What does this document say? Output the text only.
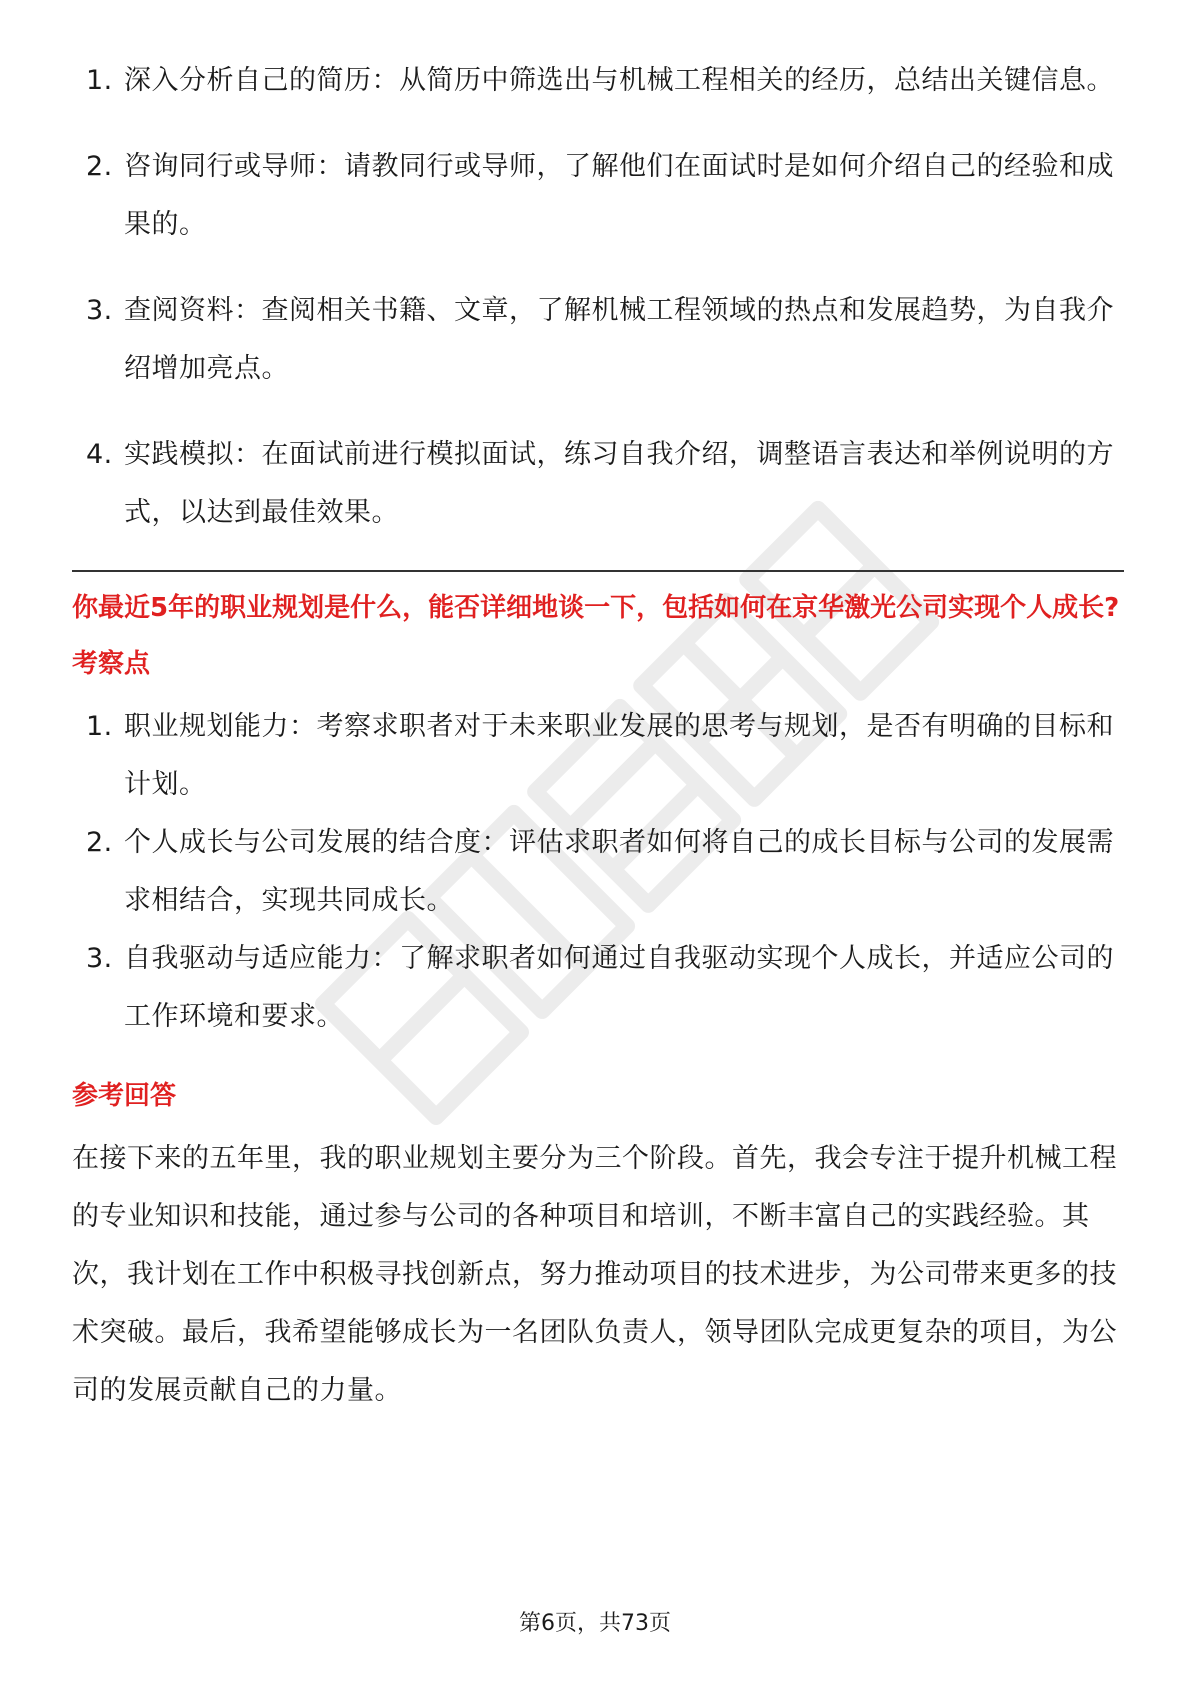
1. 深入分析自己的简历：从简历中筛选出与机械工程相关的经历，总结出关键信息。
2. 咨询同行或导师：请教同行或导师，了解他们在面试时是如何介绍自己的经验和成果的。
3. 查阅资料：查阅相关书籍、文章，了解机械工程领域的热点和发展趋势，为自我介绍增加亮点。
4. 实践模拟：在面试前进行模拟面试，练习自我介绍，调整语言表达和举例说明的方式，以达到最佳效果。
你最近5年的职业规划是什么，能否详细地谈一下，包括如何在京华激光公司实现个人成长?
考察点
1. 职业规划能力：考察求职者对于未来职业发展的思考与规划，是否有明确的目标和计划。
2. 个人成长与公司发展的结合度：评估求职者如何将自己的成长目标与公司的发展需求相结合，实现共同成长。
3. 自我驱动与适应能力：了解求职者如何通过自我驱动实现个人成长，并适应公司的工作环境和要求。
参考回答

在接下来的五年里，我的职业规划主要分为三个阶段。首先，我会专注于提升机械工程的专业知识和技能，通过参与公司的各种项目和培训，不断丰富自己的实践经验。其次，我计划在工作中积极寻找创新点，努力推动项目的技术进步，为公司带来更多的技术突破。最后，我希望能够成长为一名团队负责人，领导团队完成更复杂的项目，为公司的发展贡献自己的力量。

第6页，共73页
